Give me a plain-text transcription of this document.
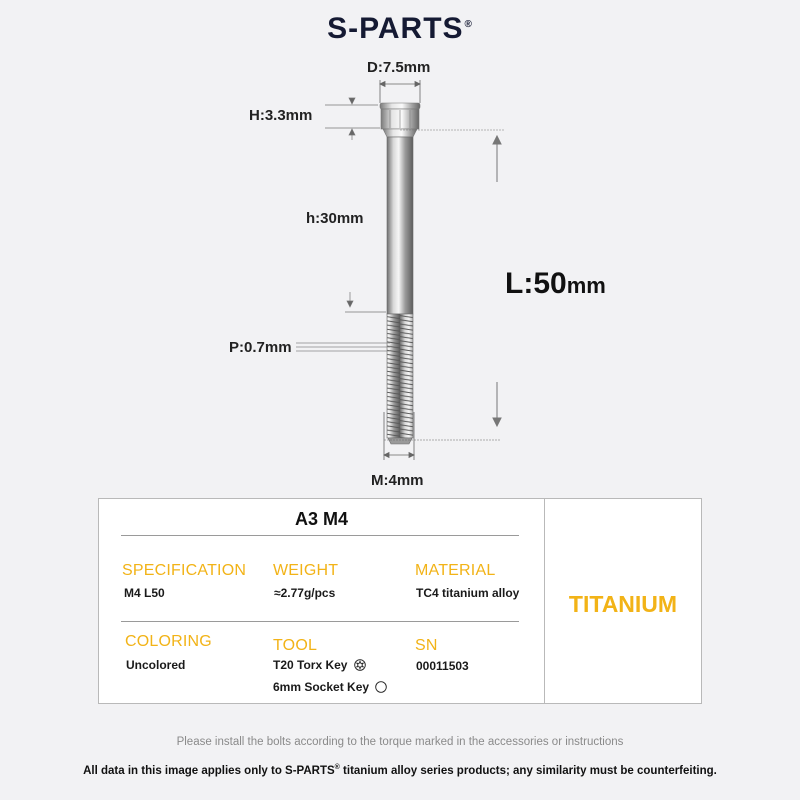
S-PARTS®
D:7.5mm
H:3.3mm
h:30mm
P:0.7mm
M:4mm
L:50mm
A3 M4
SPECIFICATION
M4 L50
WEIGHT
≈2.77g/pcs
MATERIAL
TC4 titanium alloy
COLORING
Uncolored
TOOL
T20 Torx Key
6mm Socket Key
SN
00011503
TITANIUM
Please install the bolts according to the torque marked in the accessories or instructions
All data in this image applies only to S-PARTS® titanium alloy series products; any similarity must be counterfeiting.
